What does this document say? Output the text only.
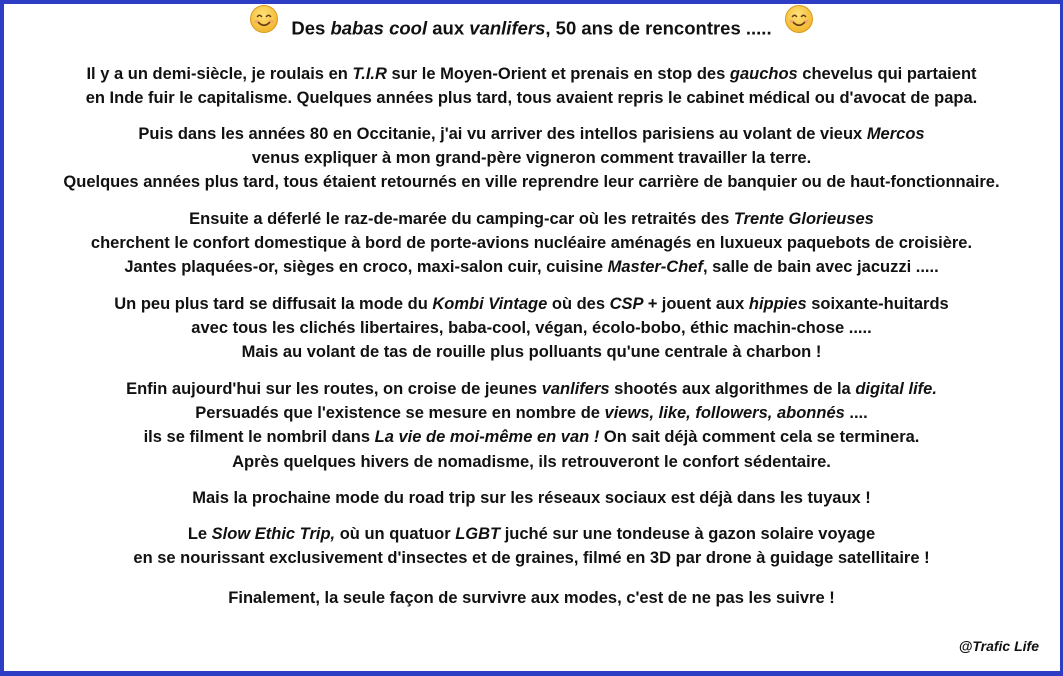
Des babas cool aux vanlifers, 50 ans de rencontres .....
Il y a un demi-siècle, je roulais en T.I.R sur le Moyen-Orient et prenais en stop des gauchos chevelus qui partaient
en Inde fuir le capitalisme. Quelques années plus tard, tous avaient repris le cabinet médical ou d'avocat de papa.
Puis dans les années 80 en Occitanie, j'ai vu arriver des intellos parisiens au volant de vieux Mercos
venus expliquer à mon grand-père vigneron comment travailler la terre.
Quelques années plus tard, tous étaient retournés en ville reprendre leur carrière de banquier ou de haut-fonctionnaire.
Ensuite a déferlé le raz-de-marée du camping-car où les retraités des Trente Glorieuses
cherchent le confort domestique à bord de porte-avions nucléaire aménagés en luxueux paquebots de croisière.
Jantes plaquées-or, sièges en croco, maxi-salon cuir, cuisine Master-Chef, salle de bain avec jacuzzi .....
Un peu plus tard se diffusait la mode du Kombi Vintage où des CSP + jouent aux hippies soixante-huitards
avec tous les clichés libertaires, baba-cool, végan, écolo-bobo, éthic machin-chose .....
Mais au volant de tas de rouille plus polluants qu'une centrale à charbon !
Enfin aujourd'hui sur les routes, on croise de jeunes vanlifers shootés aux algorithmes de la digital life.
Persuadés que l'existence se mesure en nombre de views, like, followers, abonnés ....
ils se filment le nombril dans La vie de moi-même en van ! On sait déjà comment cela se terminera.
Après quelques hivers de nomadisme, ils retrouveront le confort sédentaire.
Mais la prochaine mode du road trip sur les réseaux sociaux est déjà dans les tuyaux !
Le Slow Ethic Trip, où un quatuor LGBT juché sur une tondeuse à gazon solaire voyage
en se nourissant exclusivement d'insectes et de graines, filmé en 3D par drone à guidage satellitaire !
Finalement, la seule façon de survivre aux modes, c'est de ne pas les suivre !
@Trafic Life
